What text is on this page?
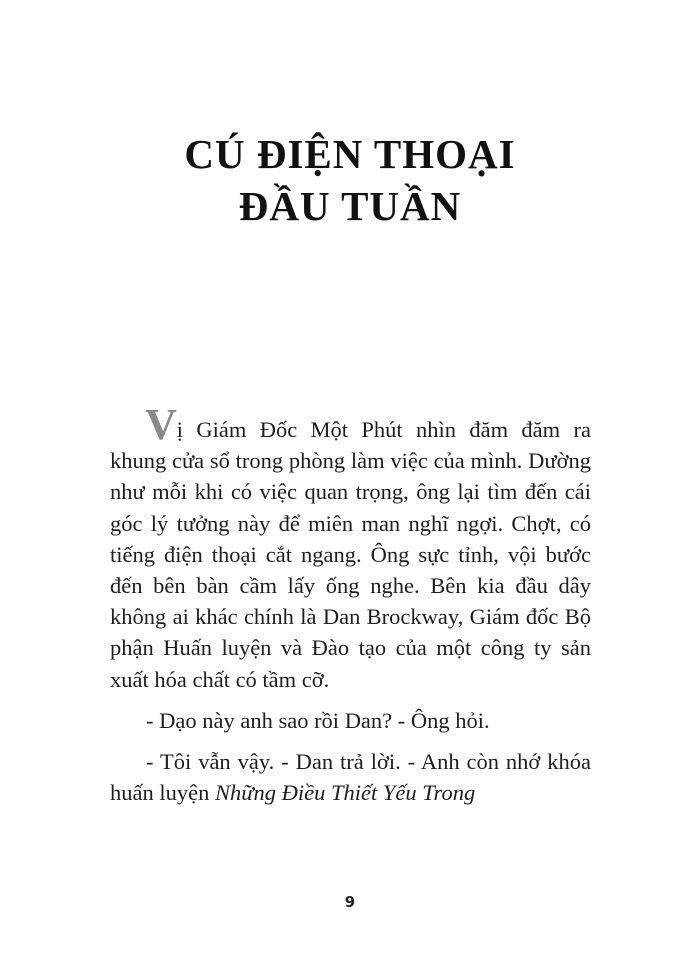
CÚ ĐIỆN THOẠI
ĐẦU TUẦN

Vị Giám Đốc Một Phút nhìn đăm đăm ra khung cửa sổ trong phòng làm việc của mình. Dường như mỗi khi có việc quan trọng, ông lại tìm đến cái góc lý tưởng này để miên man nghĩ ngợi. Chợt, có tiếng điện thoại cắt ngang. Ông sực tỉnh, vội bước đến bên bàn cầm lấy ống nghe. Bên kia đầu dây không ai khác chính là Dan Brockway, Giám đốc Bộ phận Huấn luyện và Đào tạo của một công ty sản xuất hóa chất có tầm cỡ.

- Dạo này anh sao rồi Dan? - Ông hỏi.

- Tôi vẫn vậy. - Dan trả lời. - Anh còn nhớ khóa huấn luyện Những Điều Thiết Yếu Trong

9
